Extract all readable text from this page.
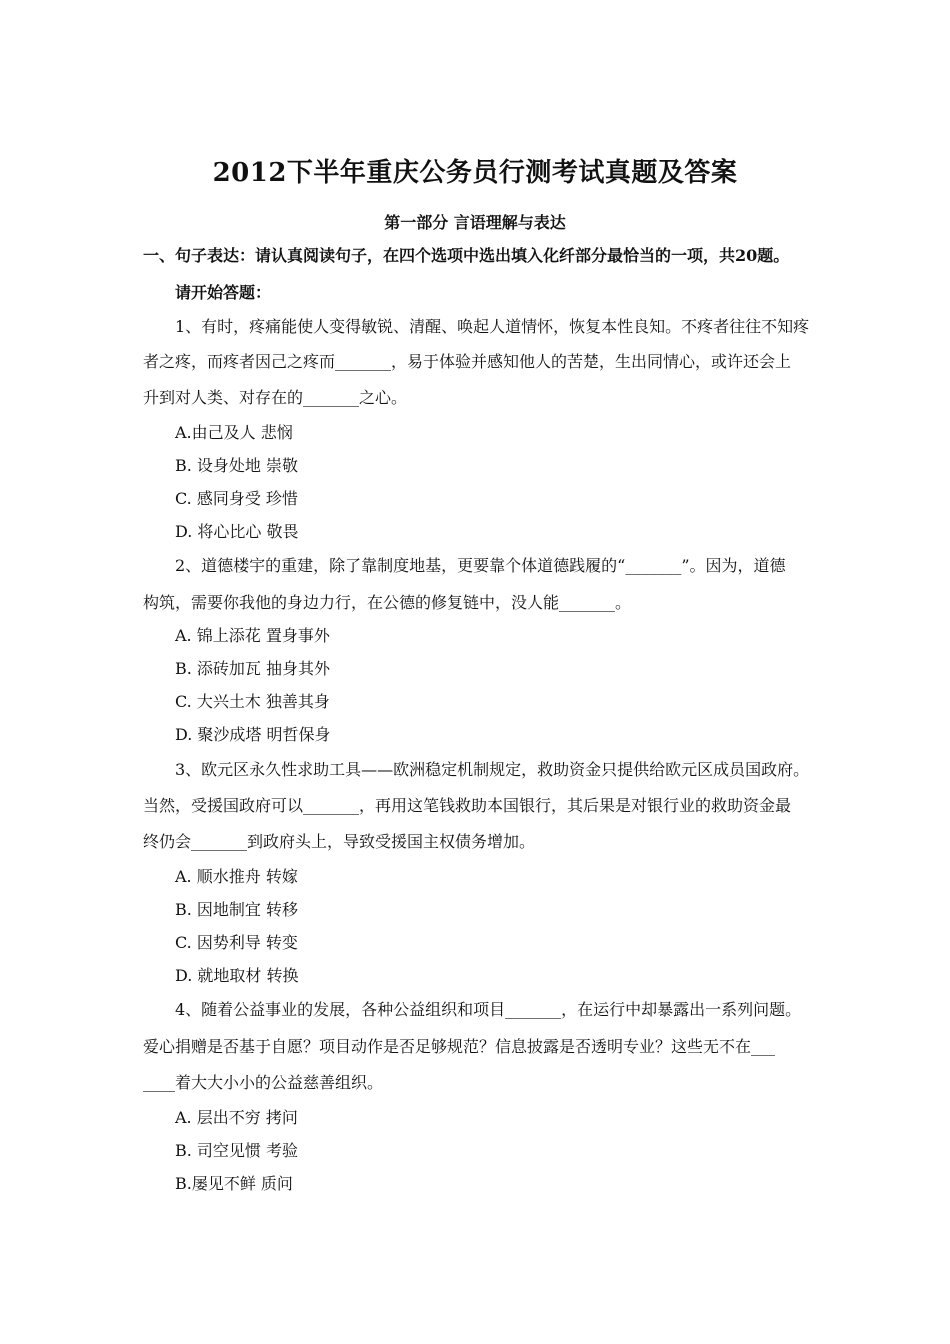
2012下半年重庆公务员行测考试真题及答案
第一部分 言语理解与表达
一、句子表达：请认真阅读句子，在四个选项中选出填入化纤部分最恰当的一项，共20题。
请开始答题：
1、有时，疼痛能使人变得敏锐、清醒、唤起人道情怀，恢复本性良知。不疼者往往不知疼
者之疼，而疼者因己之疼而_______，易于体验并感知他人的苦楚，生出同情心，或许还会上
升到对人类、对存在的_______之心。
A.由己及人 悲悯
B. 设身处地 崇敬
C. 感同身受 珍惜
D. 将心比心 敬畏
2、道德楼宇的重建，除了靠制度地基，更要靠个体道德践履的“_______”。因为，道德
构筑，需要你我他的身边力行，在公德的修复链中，没人能_______。
A. 锦上添花 置身事外
B. 添砖加瓦 抽身其外
C. 大兴土木 独善其身
D. 聚沙成塔 明哲保身
3、欧元区永久性求助工具——欧洲稳定机制规定，救助资金只提供给欧元区成员国政府。
当然，受援国政府可以_______，再用这笔钱救助本国银行，其后果是对银行业的救助资金最
终仍会_______到政府头上，导致受援国主权债务增加。
A. 顺水推舟 转嫁
B. 因地制宜 转移
C. 因势利导 转变
D. 就地取材 转换
4、随着公益事业的发展，各种公益组织和项目_______，在运行中却暴露出一系列问题。
爱心捐赠是否基于自愿？项目动作是否足够规范？信息披露是否透明专业？这些无不在___
____着大大小小的公益慈善组织。
A. 层出不穷 拷问
B. 司空见惯 考验
B.屡见不鲜 质问
